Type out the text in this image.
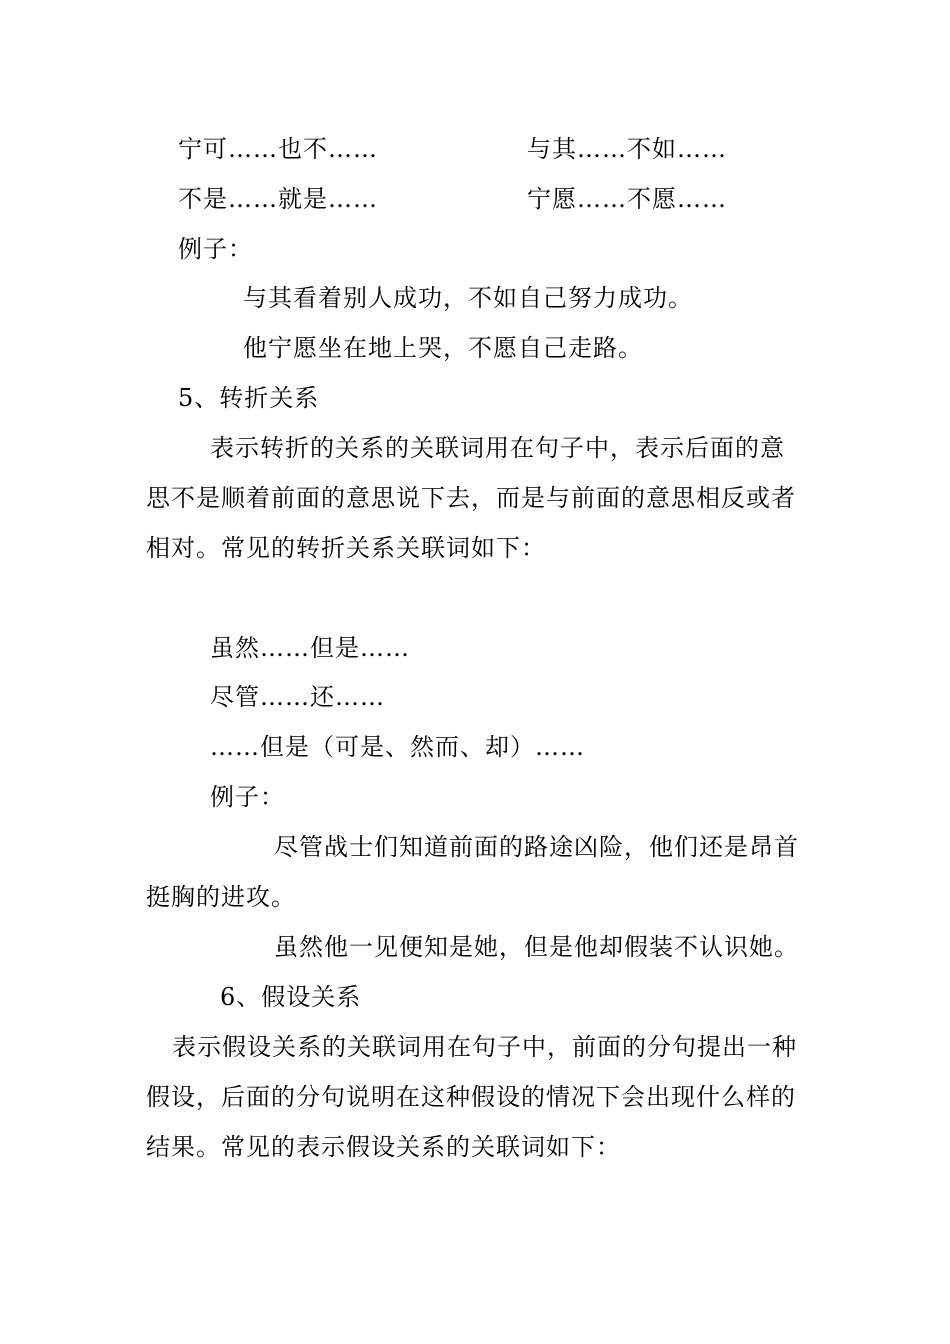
宁可……也不……	与其……不如……
不是……就是……	宁愿……不愿……
例子：
与其看着别人成功，不如自己努力成功。
他宁愿坐在地上哭，不愿自己走路。
5、转折关系
表示转折的关系的关联词用在句子中，表示后面的意
思不是顺着前面的意思说下去，而是与前面的意思相反或者
相对。常见的转折关系关联词如下：
虽然……但是……
尽管……还……
……但是（可是、然而、却）……
例子：
尽管战士们知道前面的路途凶险，他们还是昂首
挺胸的进攻。
虽然他一见便知是她，但是他却假装不认识她。
6、假设关系
表示假设关系的关联词用在句子中，前面的分句提出一种
假设，后面的分句说明在这种假设的情况下会出现什么样的
结果。常见的表示假设关系的关联词如下：
